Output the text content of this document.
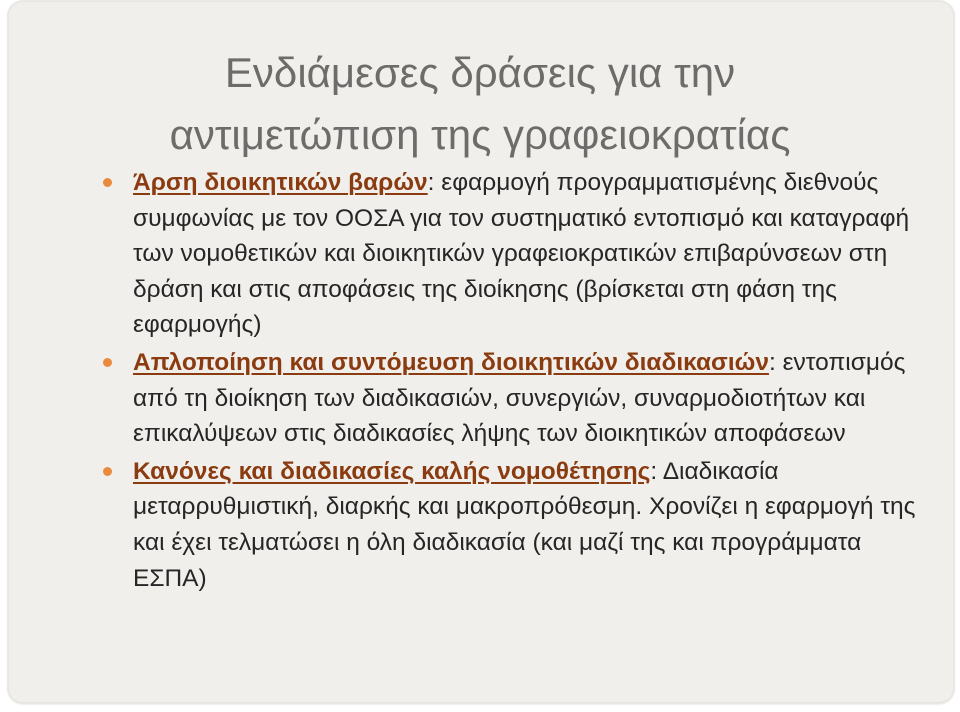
Ενδιάμεσες δράσεις για την
αντιμετώπιση της γραφειοκρατίας
Άρση διοικητικών βαρών: εφαρμογή προγραμματισμένης διεθνούς συμφωνίας με τον ΟΟΣΑ για τον συστηματικό εντοπισμό και καταγραφή των νομοθετικών και διοικητικών γραφειοκρατικών επιβαρύνσεων στη δράση και στις αποφάσεις της διοίκησης (βρίσκεται στη φάση της εφαρμογής)
Απλοποίηση και συντόμευση διοικητικών διαδικασιών: εντοπισμός από τη διοίκηση των διαδικασιών, συνεργιών, συναρμοδιοτήτων και επικαλύψεων στις διαδικασίες λήψης των διοικητικών αποφάσεων
Κανόνες και διαδικασίες καλής νομοθέτησης: Διαδικασία μεταρρυθμιστική, διαρκής και μακροπρόθεσμη. Χρονίζει η εφαρμογή της και έχει τελματώσει η όλη διαδικασία (και μαζί της και προγράμματα ΕΣΠΑ)
